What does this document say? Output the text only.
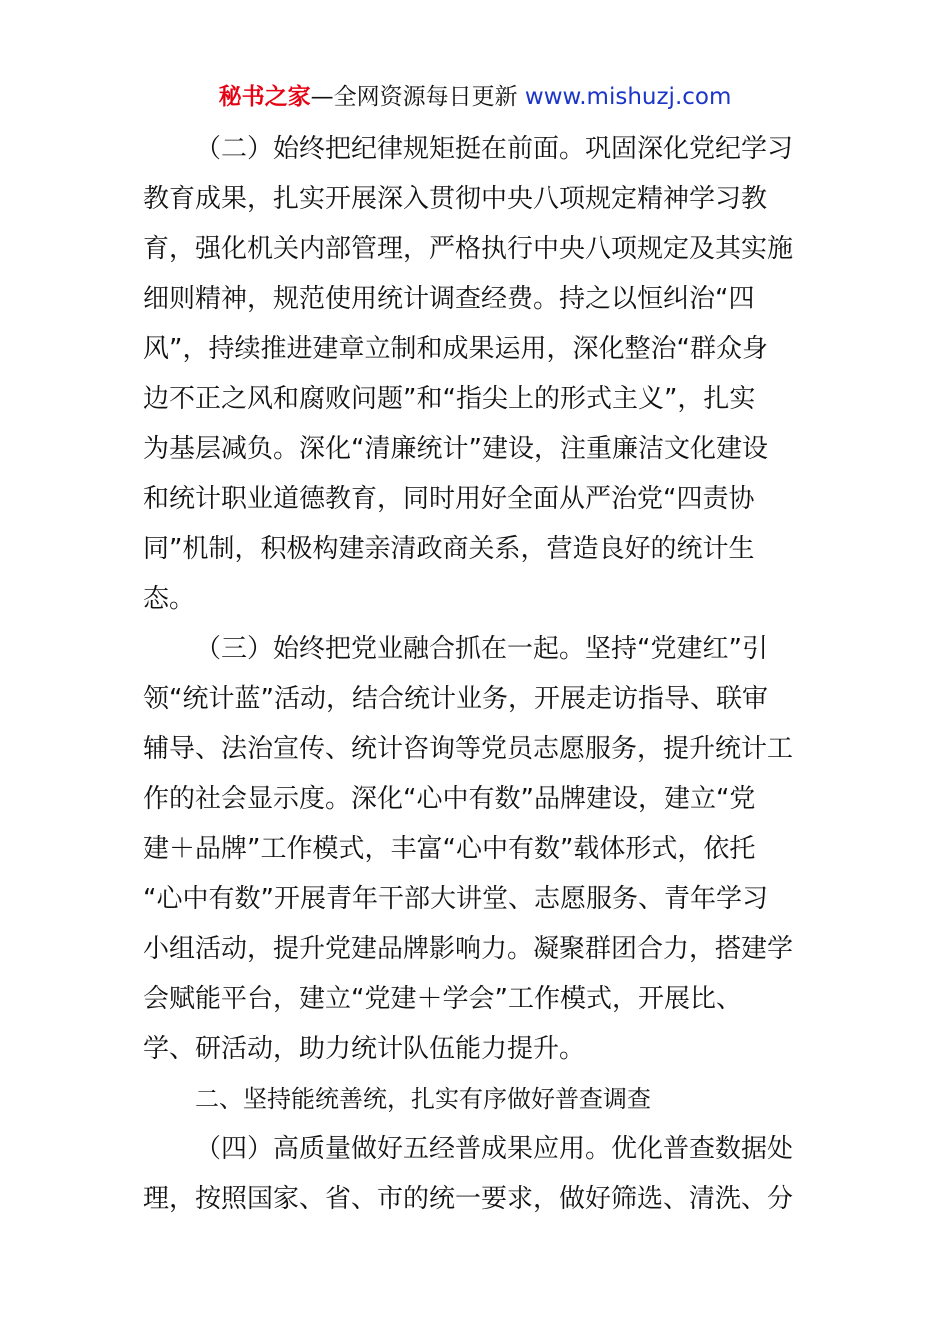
秘书之家—全网资源每日更新 www.mishuzj.com
（二）始终把纪律规矩挺在前面。巩固深化党纪学习
教育成果，扎实开展深入贯彻中央八项规定精神学习教
育，强化机关内部管理，严格执行中央八项规定及其实施
细则精神，规范使用统计调查经费。持之以恒纠治“四
风”，持续推进建章立制和成果运用，深化整治“群众身
边不正之风和腐败问题”和“指尖上的形式主义”，扎实
为基层减负。深化“清廉统计”建设，注重廉洁文化建设
和统计职业道德教育，同时用好全面从严治党“四责协
同”机制，积极构建亲清政商关系，营造良好的统计生
态。
（三）始终把党业融合抓在一起。坚持“党建红”引
领“统计蓝”活动，结合统计业务，开展走访指导、联审
辅导、法治宣传、统计咨询等党员志愿服务，提升统计工
作的社会显示度。深化“心中有数”品牌建设，建立“党
建＋品牌”工作模式，丰富“心中有数”载体形式，依托
“心中有数”开展青年干部大讲堂、志愿服务、青年学习
小组活动，提升党建品牌影响力。凝聚群团合力，搭建学
会赋能平台，建立“党建＋学会”工作模式，开展比、
学、研活动，助力统计队伍能力提升。
二、坚持能统善统，扎实有序做好普查调查
（四）高质量做好五经普成果应用。优化普查数据处
理，按照国家、省、市的统一要求，做好筛选、清洗、分
